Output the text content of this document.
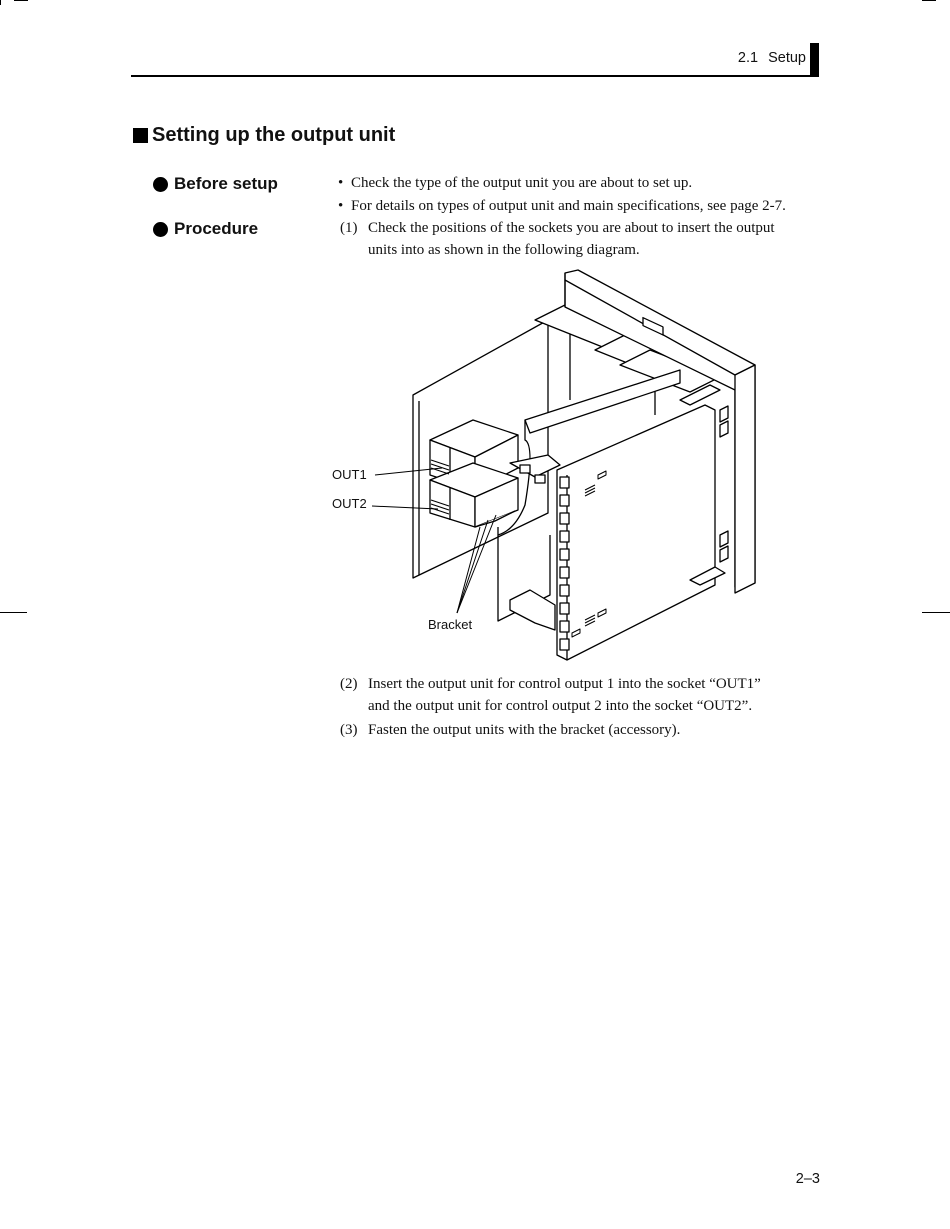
2.1 Setup
Setting up the output unit
Before setup	• Check the type of the output unit you are about to set up.
• For details on types of output unit and main specifications, see page 2-7.
Procedure	(1) Check the positions of the sockets you are about to insert the output
units into as shown in the following diagram.
OUT1
OUT2
Bracket
(2) Insert the output unit for control output 1 into the socket “OUT1”
and the output unit for control output 2 into the socket “OUT2”.
(3) Fasten the output units with the bracket (accessory).
2–3
